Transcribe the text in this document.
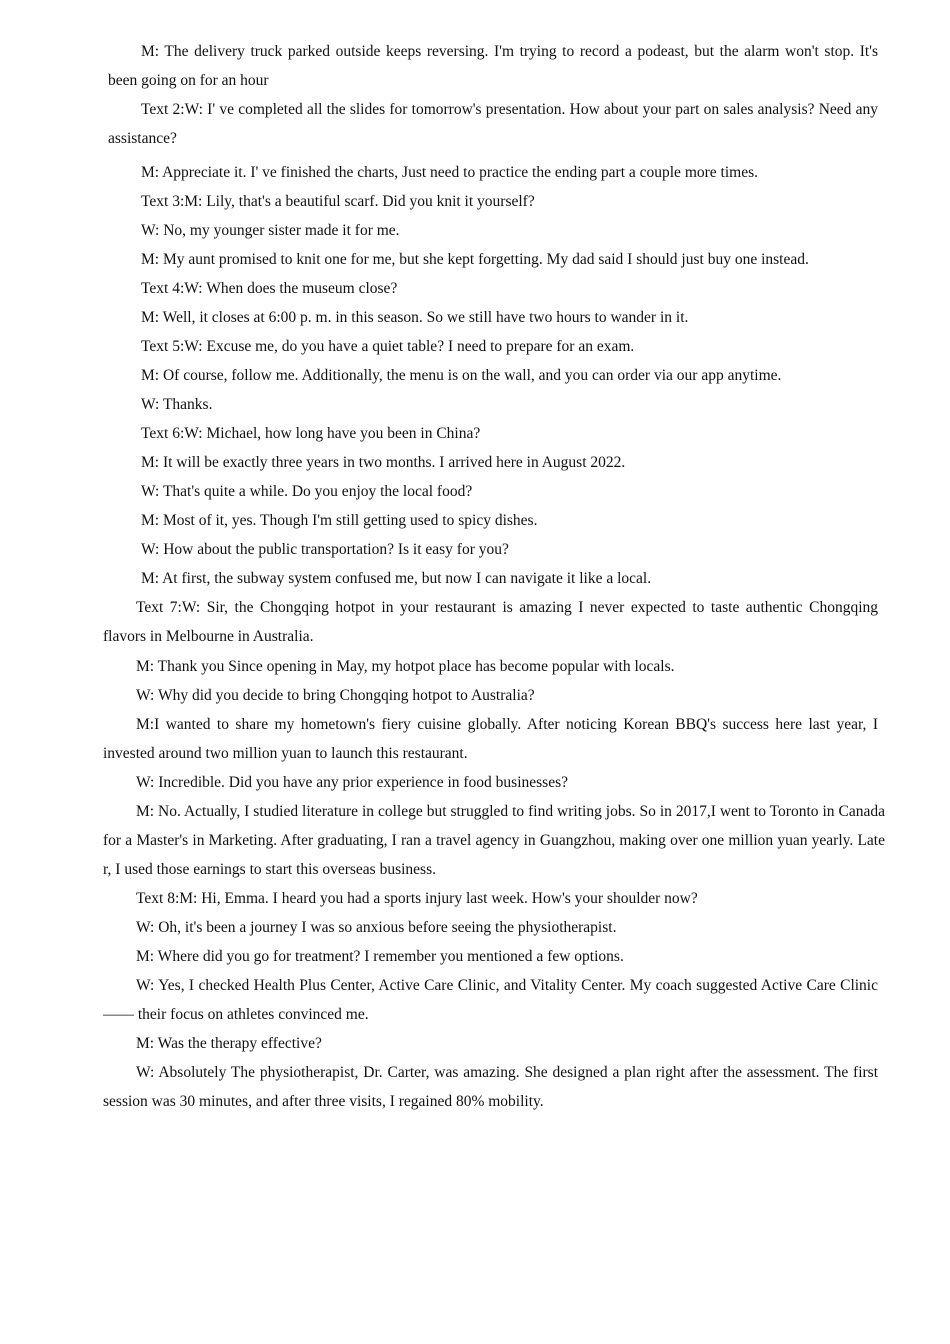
M: The delivery truck parked outside keeps reversing. I'm trying to record a podeast, but the alarm won't stop. It's been going on for an hour

Text 2:W: I' ve completed all the slides for tomorrow's presentation. How about your part on sales analysis? Need any assistance?

M: Appreciate it. I' ve finished the charts, Just need to practice the ending part a couple more times.

Text 3:M: Lily, that's a beautiful scarf. Did you knit it yourself?

W: No, my younger sister made it for me.

M: My aunt promised to knit one for me, but she kept forgetting. My dad said I should just buy one instead.

Text 4:W: When does the museum close?

M: Well, it closes at 6:00 p. m. in this season. So we still have two hours to wander in it.

Text 5:W: Excuse me, do you have a quiet table? I need to prepare for an exam.

M: Of course, follow me. Additionally, the menu is on the wall, and you can order via our app anytime.

W: Thanks.

Text 6:W: Michael, how long have you been in China?

M: It will be exactly three years in two months. I arrived here in August 2022.

W: That's quite a while. Do you enjoy the local food?

M: Most of it, yes. Though I'm still getting used to spicy dishes.

W: How about the public transportation? Is it easy for you?

M: At first, the subway system confused me, but now I can navigate it like a local.

Text 7:W: Sir, the Chongqing hotpot in your restaurant is amazing I never expected to taste authentic Chongqing flavors in Melbourne in Australia.

M: Thank you Since opening in May, my hotpot place has become popular with locals.

W: Why did you decide to bring Chongqing hotpot to Australia?

M:I wanted to share my hometown's fiery cuisine globally. After noticing Korean BBQ's success here last year, I invested around two million yuan to launch this restaurant.

W: Incredible. Did you have any prior experience in food businesses?

M: No. Actually, I studied literature in college but struggled to find writing jobs. So in 2017,I went to Toronto in Canada for a Master's in Marketing. After graduating, I ran a travel agency in Guangzhou, making over one million yuan yearly. Later, I used those earnings to start this overseas business.

Text 8:M: Hi, Emma. I heard you had a sports injury last week. How's your shoulder now?

W: Oh, it's been a journey I was so anxious before seeing the physiotherapist.

M: Where did you go for treatment? I remember you mentioned a few options.

W: Yes, I checked Health Plus Center, Active Care Clinic, and Vitality Center. My coach suggested Active Care Clinic—— their focus on athletes convinced me.

M: Was the therapy effective?

W: Absolutely The physiotherapist, Dr. Carter, was amazing. She designed a plan right after the assessment. The first session was 30 minutes, and after three visits, I regained 80% mobility.
